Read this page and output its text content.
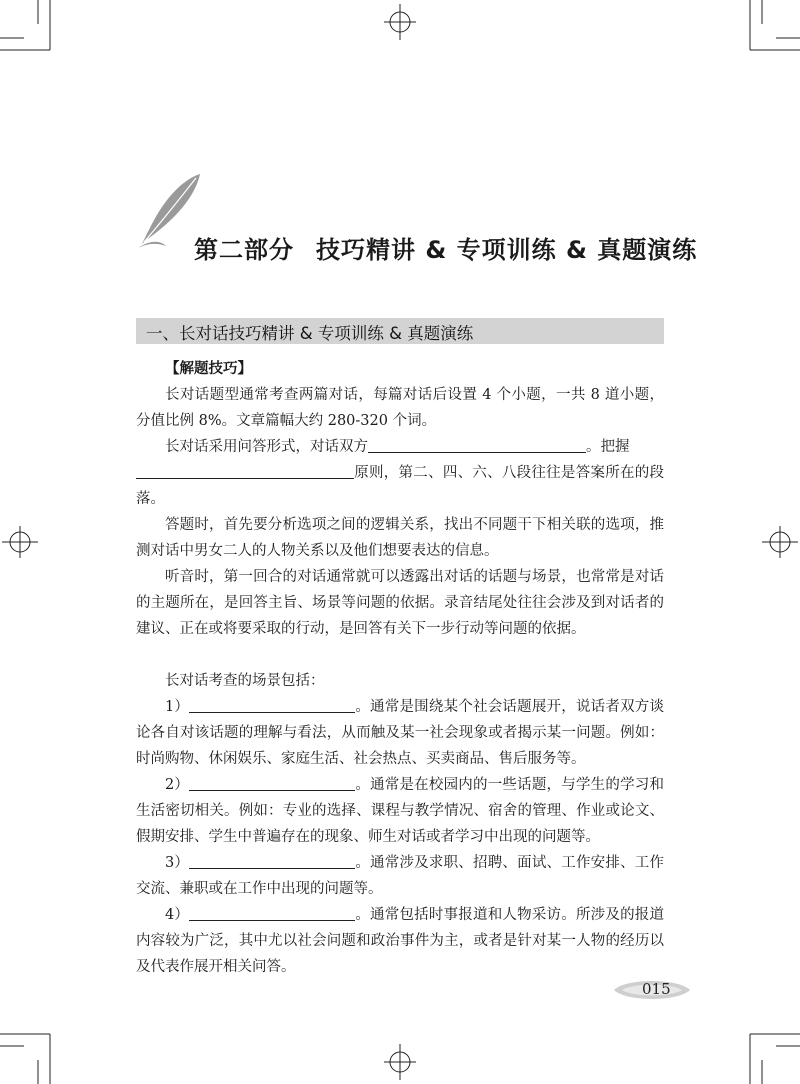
第二部分 技巧精讲 & 专项训练 & 真题演练
一、长对话技巧精讲 & 专项训练 & 真题演练

【解题技巧】

长对话题型通常考查两篇对话，每篇对话后设置 4 个小题，一共 8 道小题，分值比例 8%。文章篇幅大约 280-320 个词。

长对话采用问答形式，对话双方	。把握
原则，第二、四、六、八段往往是答案所在的段落。

答题时，首先要分析选项之间的逻辑关系，找出不同题干下相关联的选项，推测对话中男女二人的人物关系以及他们想要表达的信息。

听音时，第一回合的对话通常就可以透露出对话的话题与场景，也常常是对话的主题所在，是回答主旨、场景等问题的依据。录音结尾处往往会涉及到对话者的建议、正在或将要采取的行动，是回答有关下一步行动等问题的依据。

长对话考查的场景包括：

1）	。通常是围绕某个社会话题展开，说话者双方谈论各自对该话题的理解与看法，从而触及某一社会现象或者揭示某一问题。例如：时尚购物、休闲娱乐、家庭生活、社会热点、买卖商品、售后服务等。

2）	。通常是在校园内的一些话题，与学生的学习和生活密切相关。例如：专业的选择、课程与教学情况、宿舍的管理、作业或论文、假期安排、学生中普遍存在的现象、师生对话或者学习中出现的问题等。

3）	。通常涉及求职、招聘、面试、工作安排、工作交流、兼职或在工作中出现的问题等。

4）	。通常包括时事报道和人物采访。所涉及的报道内容较为广泛，其中尤以社会问题和政治事件为主，或者是针对某一人物的经历以及代表作展开相关问答。

015
